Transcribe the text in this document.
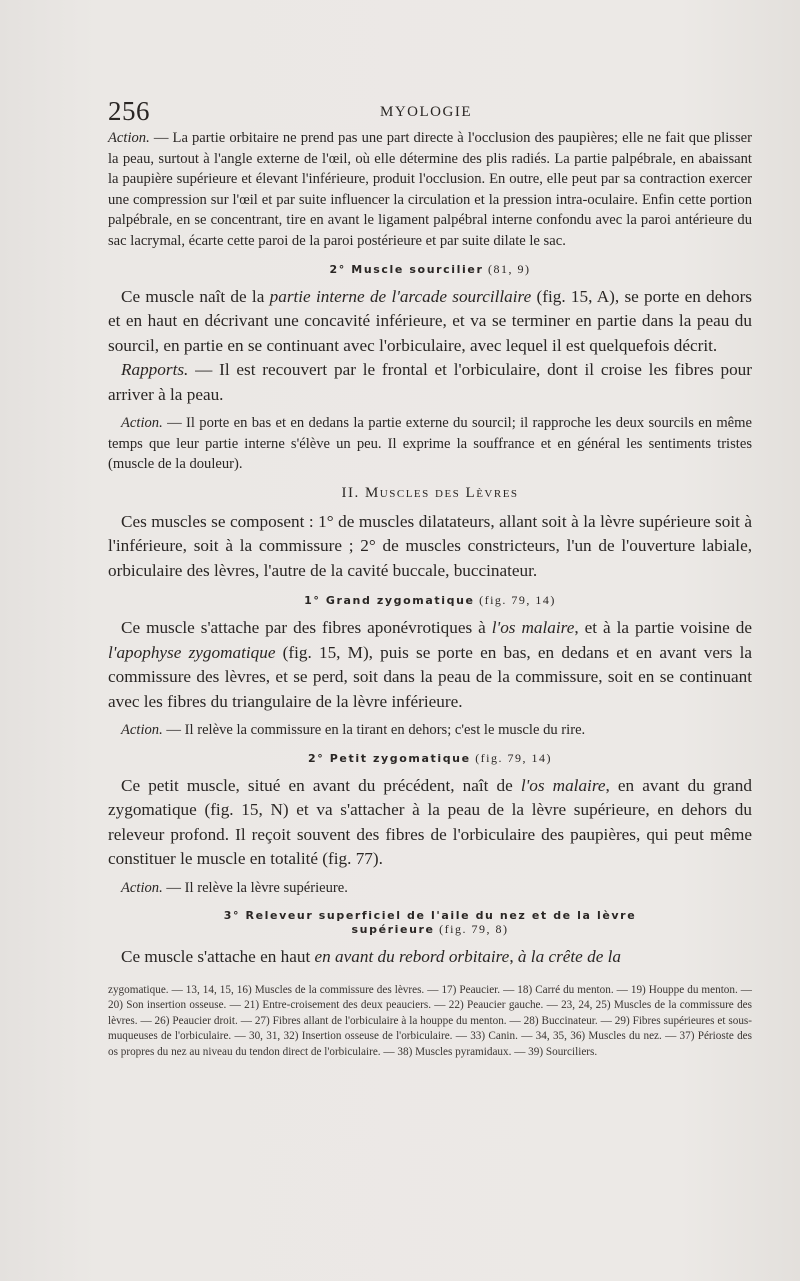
256	MYOLOGIE

Action. — La partie orbitaire ne prend pas une part directe à l'occlusion des paupières; elle ne fait que plisser la peau, surtout à l'angle externe de l'œil, où elle détermine des plis radiés. La partie palpébrale, en abaissant la paupière supérieure et élevant l'inférieure, produit l'occlusion. En outre, elle peut par sa contraction exercer une compression sur l'œil et par suite influencer la circulation et la pression intra-oculaire. Enfin cette portion palpébrale, en se concentrant, tire en avant le ligament palpébral interne confondu avec la paroi antérieure du sac lacrymal, écarte cette paroi de la paroi postérieure et par suite dilate le sac.

2° Muscle sourcilier (81, 9)

Ce muscle naît de la partie interne de l'arcade sourcillaire (fig. 15, A), se porte en dehors et en haut en décrivant une concavité inférieure, et va se terminer en partie dans la peau du sourcil, en partie en se continuant avec l'orbiculaire, avec lequel il est quelquefois décrit.

Rapports. — Il est recouvert par le frontal et l'orbiculaire, dont il croise les fibres pour arriver à la peau.

Action. — Il porte en bas et en dedans la partie externe du sourcil; il rapproche les deux sourcils en même temps que leur partie interne s'élève un peu. Il exprime la souffrance et en général les sentiments tristes (muscle de la douleur).

II. Muscles des Lèvres

Ces muscles se composent : 1° de muscles dilatateurs, allant soit à la lèvre supérieure soit à l'inférieure, soit à la commissure ; 2° de muscles constricteurs, l'un de l'ouverture labiale, orbiculaire des lèvres, l'autre de la cavité buccale, buccinateur.

1° Grand zygomatique (fig. 79, 14)

Ce muscle s'attache par des fibres aponévrotiques à l'os malaire, et à la partie voisine de l'apophyse zygomatique (fig. 15, M), puis se porte en bas, en dedans et en avant vers la commissure des lèvres, et se perd, soit dans la peau de la commissure, soit en se continuant avec les fibres du triangulaire de la lèvre inférieure.

Action. — Il relève la commissure en la tirant en dehors; c'est le muscle du rire.

2° Petit zygomatique (fig. 79, 14)

Ce petit muscle, situé en avant du précédent, naît de l'os malaire, en avant du grand zygomatique (fig. 15, N) et va s'attacher à la peau de la lèvre supérieure, en dehors du releveur profond. Il reçoit souvent des fibres de l'orbiculaire des paupières, qui peut même constituer le muscle en totalité (fig. 77).

Action. — Il relève la lèvre supérieure.

3° Releveur superficiel de l'aile du nez et de la lèvre
supérieure (fig. 79, 8)

Ce muscle s'attache en haut en avant du rebord orbitaire, à la crête de la

zygomatique. — 13, 14, 15, 16) Muscles de la commissure des lèvres. — 17) Peaucier. — 18) Carré du menton. — 19) Houppe du menton. — 20) Son insertion osseuse. — 21) Entre-croisement des deux peauciers. — 22) Peaucier gauche. — 23, 24, 25) Muscles de la commissure des lèvres. — 26) Peaucier droit. — 27) Fibres allant de l'orbiculaire à la houppe du menton. — 28) Buccinateur. — 29) Fibres supérieures et sous-muqueuses de l'orbiculaire. — 30, 31, 32) Insertion osseuse de l'orbiculaire. — 33) Canin. — 34, 35, 36) Muscles du nez. — 37) Périoste des os propres du nez au niveau du tendon direct de l'orbiculaire. — 38) Muscles pyramidaux. — 39) Sourciliers.
